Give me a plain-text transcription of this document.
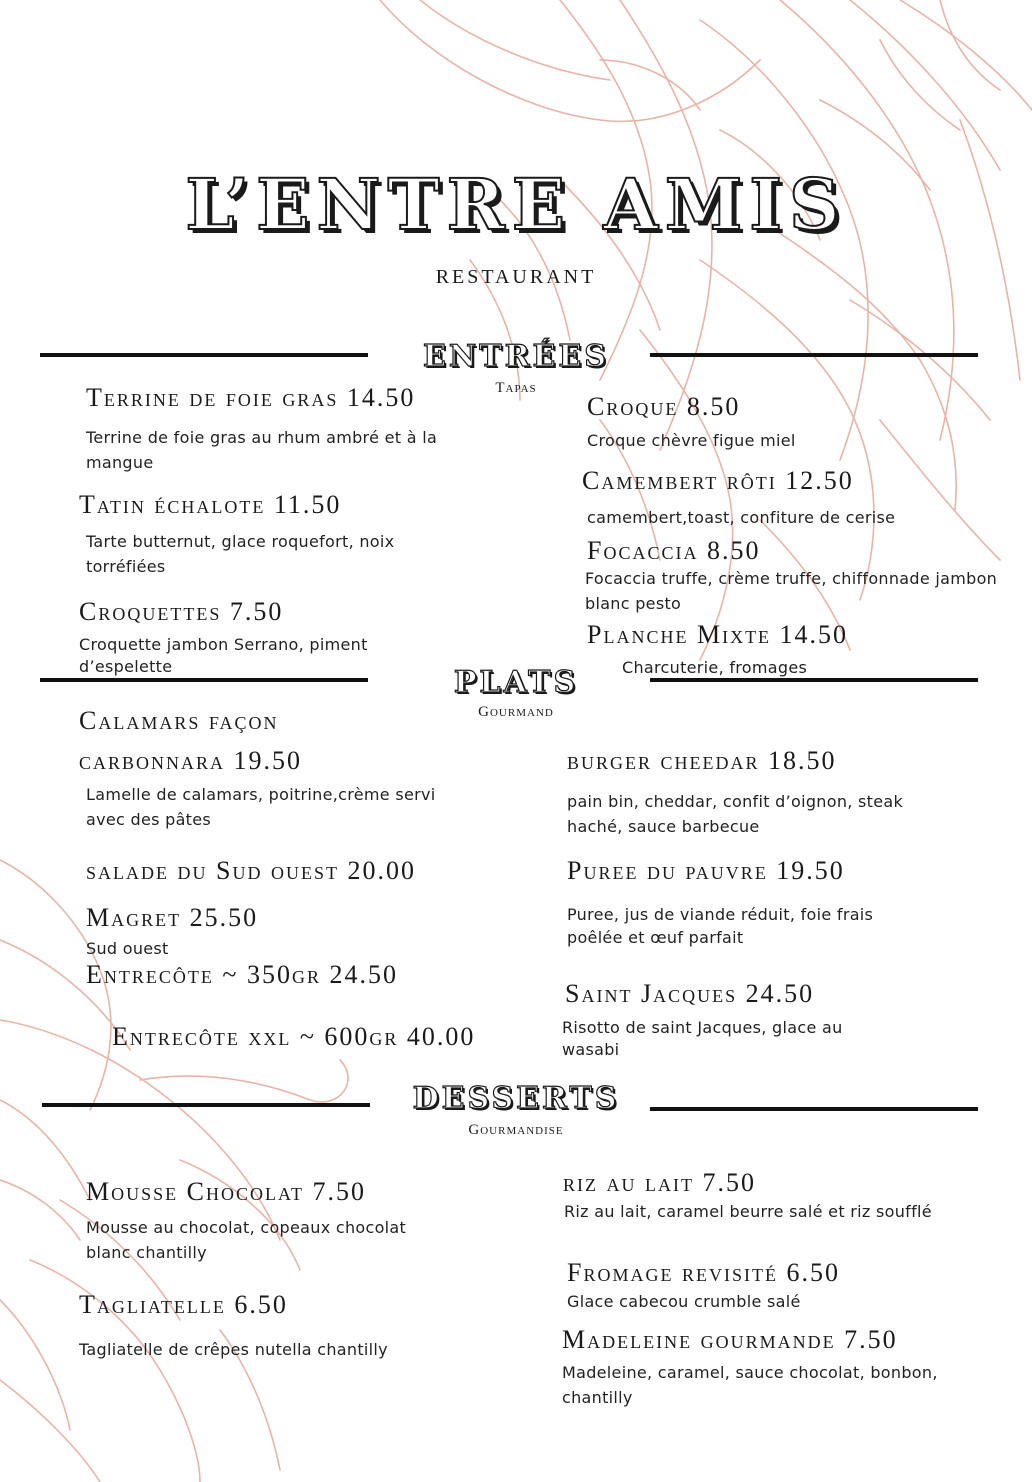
L’ENTRE AMIS
RESTAURANT
ENTRÉES
Tapas
Terrine de foie gras 14.50
Terrine de foie gras au rhum ambré et à la mangue
Tatin échalote 11.50
Tarte butternut, glace roquefort, noix torréfiées
Croquettes 7.50
Croquette jambon Serrano, piment d’espelette
Croque 8.50
Croque chèvre figue miel
Camembert rôti 12.50
camembert,toast, confiture de cerise
Focaccia 8.50
Focaccia truffe, crème truffe, chiffonnade jambon blanc pesto
Planche Mixte 14.50
Charcuterie, fromages
PLATS
Gourmand
Calamars façon
carbonnara 19.50
Lamelle de calamars, poitrine,crème servi avec des pâtes
salade du Sud ouest 20.00
Magret 25.50
Sud ouest
Entrecôte ~ 350gr 24.50
Entrecôte xxl ~ 600gr 40.00
burger cheedar 18.50
pain bin, cheddar, confit d’oignon, steak haché, sauce barbecue
Puree du pauvre 19.50
Puree, jus de viande réduit, foie frais poêlée et œuf parfait
Saint Jacques 24.50
Risotto de saint Jacques, glace au wasabi
DESSERTS
Gourmandise
Mousse Chocolat 7.50
Mousse au chocolat, copeaux chocolat blanc chantilly
Tagliatelle 6.50
Tagliatelle de crêpes nutella chantilly
riz au lait 7.50
Riz au lait, caramel beurre salé et riz soufflé
Fromage revisité 6.50
Glace cabecou crumble salé
Madeleine gourmande 7.50
Madeleine, caramel, sauce chocolat, bonbon, chantilly
